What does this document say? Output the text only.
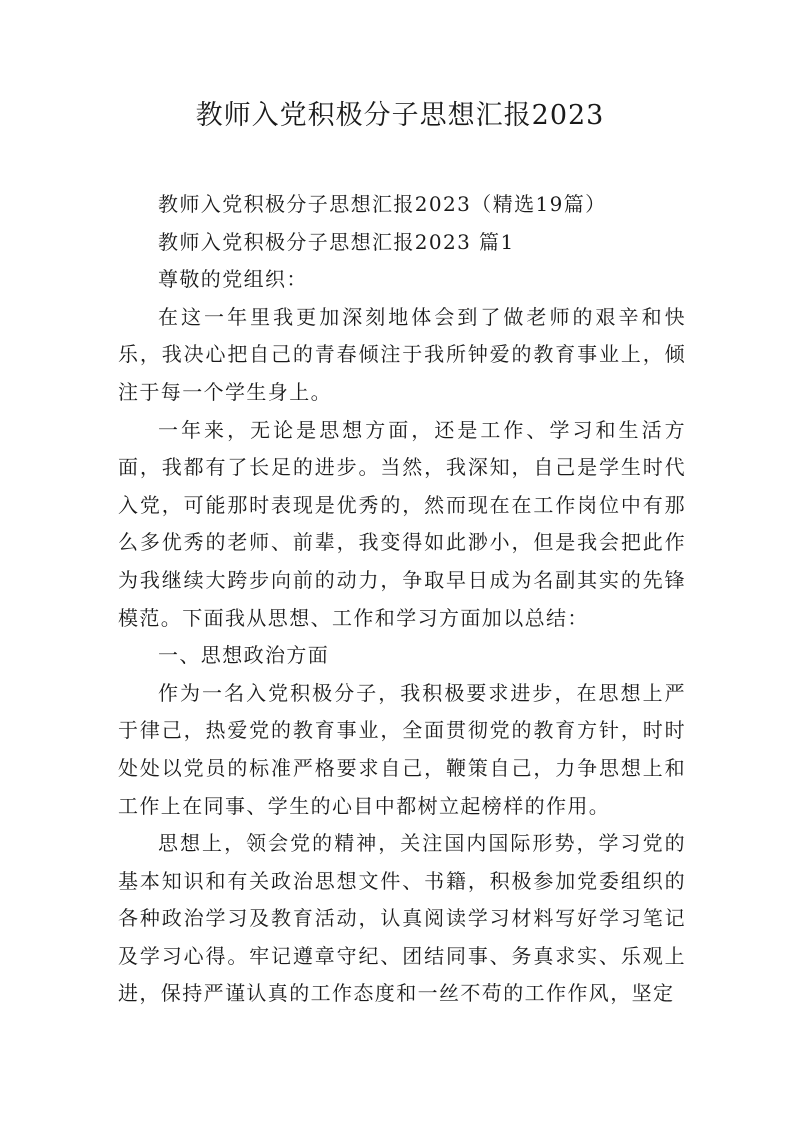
教师入党积极分子思想汇报2023

教师入党积极分子思想汇报2023（精选19篇）

教师入党积极分子思想汇报2023 篇1

尊敬的党组织：

在这一年里我更加深刻地体会到了做老师的艰辛和快乐，我决心把自己的青春倾注于我所钟爱的教育事业上，倾注于每一个学生身上。

一年来，无论是思想方面，还是工作、学习和生活方面，我都有了长足的进步。当然，我深知，自己是学生时代入党，可能那时表现是优秀的，然而现在在工作岗位中有那么多优秀的老师、前辈，我变得如此渺小，但是我会把此作为我继续大跨步向前的动力，争取早日成为名副其实的先锋模范。下面我从思想、工作和学习方面加以总结：

一、思想政治方面

作为一名入党积极分子，我积极要求进步，在思想上严于律己，热爱党的教育事业，全面贯彻党的教育方针，时时处处以党员的标准严格要求自己，鞭策自己，力争思想上和工作上在同事、学生的心目中都树立起榜样的作用。

思想上，领会党的精神，关注国内国际形势，学习党的基本知识和有关政治思想文件、书籍，积极参加党委组织的各种政治学习及教育活动，认真阅读学习材料写好学习笔记及学习心得。牢记遵章守纪、团结同事、务真求实、乐观上进，保持严谨认真的工作态度和一丝不苟的工作作风，坚定
